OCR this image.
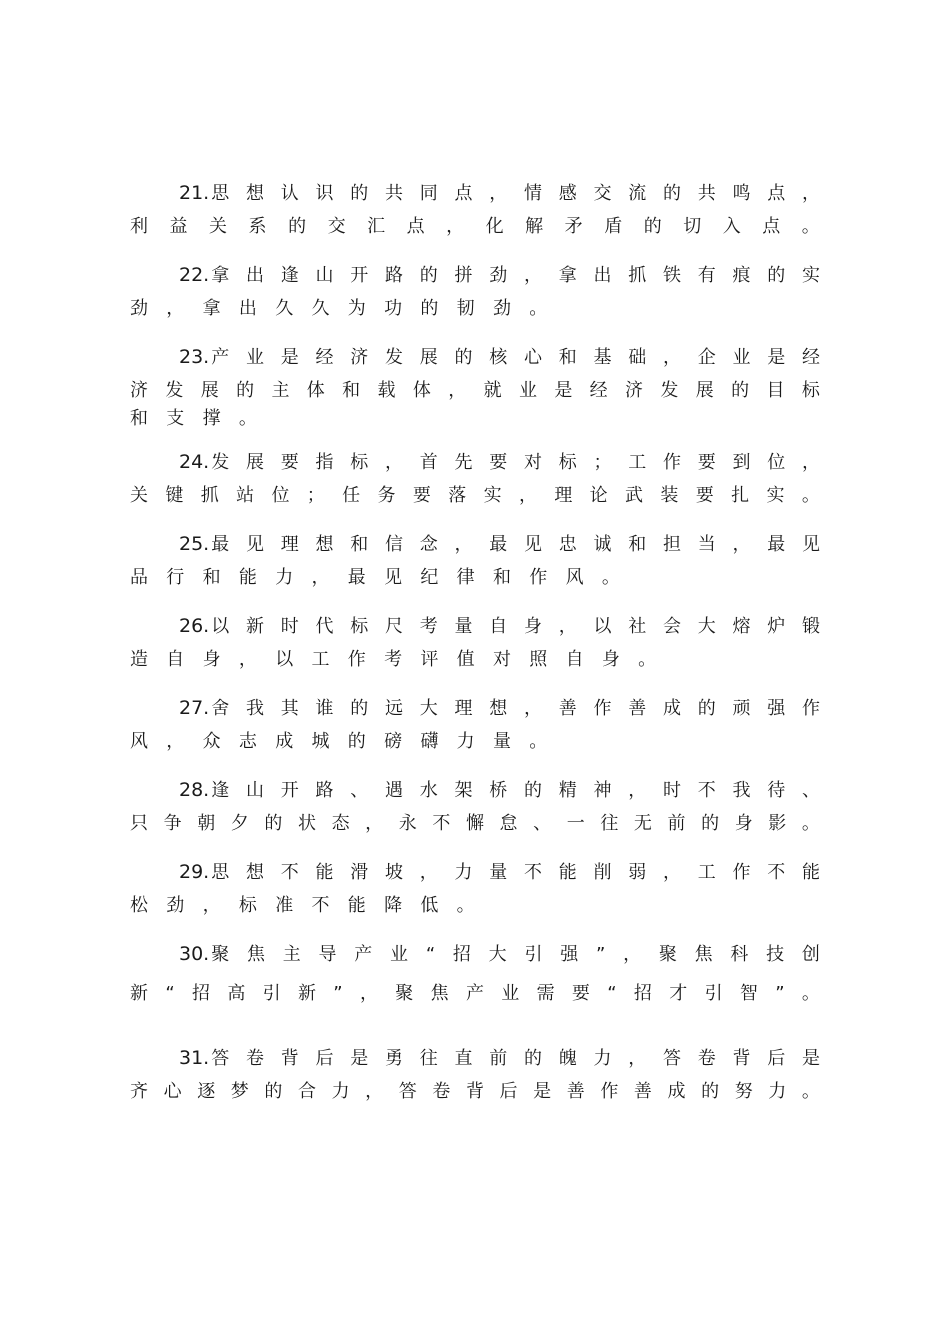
21. 思 想 认 识 的 共 同 点 ， 情 感 交 流 的 共 鸣 点 ，
利 益 关 系 的 交 汇 点 ， 化 解 矛 盾 的 切 入 点 。
22. 拿 出 逢 山 开 路 的 拼 劲 ， 拿 出 抓 铁 有 痕 的 实
劲 ， 拿 出 久 久 为 功 的 韧 劲 。
23. 产 业 是 经 济 发 展 的 核 心 和 基 础 ， 企 业 是 经
济 发 展 的 主 体 和 载 体 ， 就 业 是 经 济 发 展 的 目 标
和 支 撑 。
24. 发 展 要 指 标 ， 首 先 要 对 标 ； 工 作 要 到 位 ，
关 键 抓 站 位 ； 任 务 要 落 实 ， 理 论 武 装 要 扎 实 。
25. 最 见 理 想 和 信 念 ， 最 见 忠 诚 和 担 当 ， 最 见
品 行 和 能 力 ， 最 见 纪 律 和 作 风 。
26. 以 新 时 代 标 尺 考 量 自 身 ， 以 社 会 大 熔 炉 锻
造 自 身 ， 以 工 作 考 评 值 对 照 自 身 。
27. 舍 我 其 谁 的 远 大 理 想 ， 善 作 善 成 的 顽 强 作
风 ， 众 志 成 城 的 磅 礴 力 量 。
28. 逢 山 开 路 、 遇 水 架 桥 的 精 神 ， 时 不 我 待 、
只 争 朝 夕 的 状 态 ， 永 不 懈 怠 、 一 往 无 前 的 身 影 。
29. 思 想 不 能 滑 坡 ， 力 量 不 能 削 弱 ， 工 作 不 能
松 劲 ， 标 准 不 能 降 低 。
30. 聚 焦 主 导 产 业 “ 招 大 引 强 ” ， 聚 焦 科 技 创
新 “ 招 高 引 新 ” ， 聚 焦 产 业 需 要 “ 招 才 引 智 ” 。
31. 答 卷 背 后 是 勇 往 直 前 的 魄 力 ， 答 卷 背 后 是
齐 心 逐 梦 的 合 力 ， 答 卷 背 后 是 善 作 善 成 的 努 力 。
